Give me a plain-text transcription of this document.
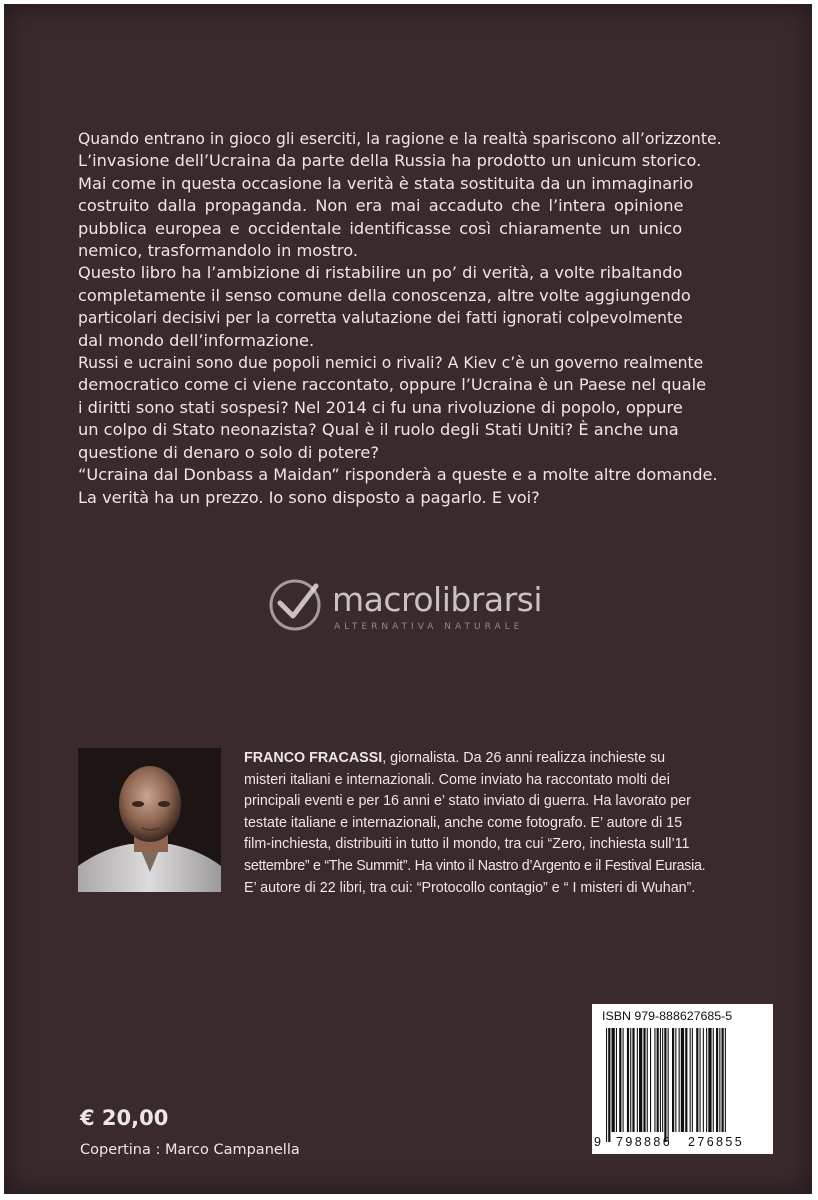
Quando entrano in gioco gli eserciti, la ragione e la realtà spariscono all’orizzonte.

L’invasione dell’Ucraina da parte della Russia ha prodotto un unicum storico.

Mai come in questa occasione la verità è stata sostituita da un immaginario

costruito dalla propaganda. Non era mai accaduto che l’intera opinione

pubblica europea e occidentale identificasse così chiaramente un unico

nemico, trasformandolo in mostro.

Questo libro ha l’ambizione di ristabilire un po’ di verità, a volte ribaltando

completamente il senso comune della conoscenza, altre volte aggiungendo

particolari decisivi per la corretta valutazione dei fatti ignorati colpevolmente

dal mondo dell’informazione.

Russi e ucraini sono due popoli nemici o rivali? A Kiev c’è un governo realmente

democratico come ci viene raccontato, oppure l’Ucraina è un Paese nel quale

i diritti sono stati sospesi? Nel 2014 ci fu una rivoluzione di popolo, oppure

un colpo di Stato neonazista? Qual è il ruolo degli Stati Uniti? È anche una

questione di denaro o solo di potere?

“Ucraina dal Donbass a Maidan” risponderà a queste e a molte altre domande.

La verità ha un prezzo. Io sono disposto a pagarlo. E voi?

macrolibrarsi
ALTERNATIVA NATURALE
FRANCO FRACASSI, giornalista. Da 26 anni realizza inchieste su
misteri italiani e internazionali. Come inviato ha raccontato molti dei
principali eventi e per 16 anni e’ stato inviato di guerra. Ha lavorato per
testate italiane e internazionali, anche come fotografo. E’ autore di 15
film-inchiesta, distribuiti in tutto il mondo, tra cui “Zero, inchiesta sull’11
settembre” e “The Summit”. Ha vinto il Nastro d’Argento e il Festival Eurasia.
E’ autore di 22 libri, tra cui: “Protocollo contagio” e “ I misteri di Wuhan”.
ISBN 979-888627685-5
9 798886 276855
€ 20,00
Copertina : Marco Campanella
